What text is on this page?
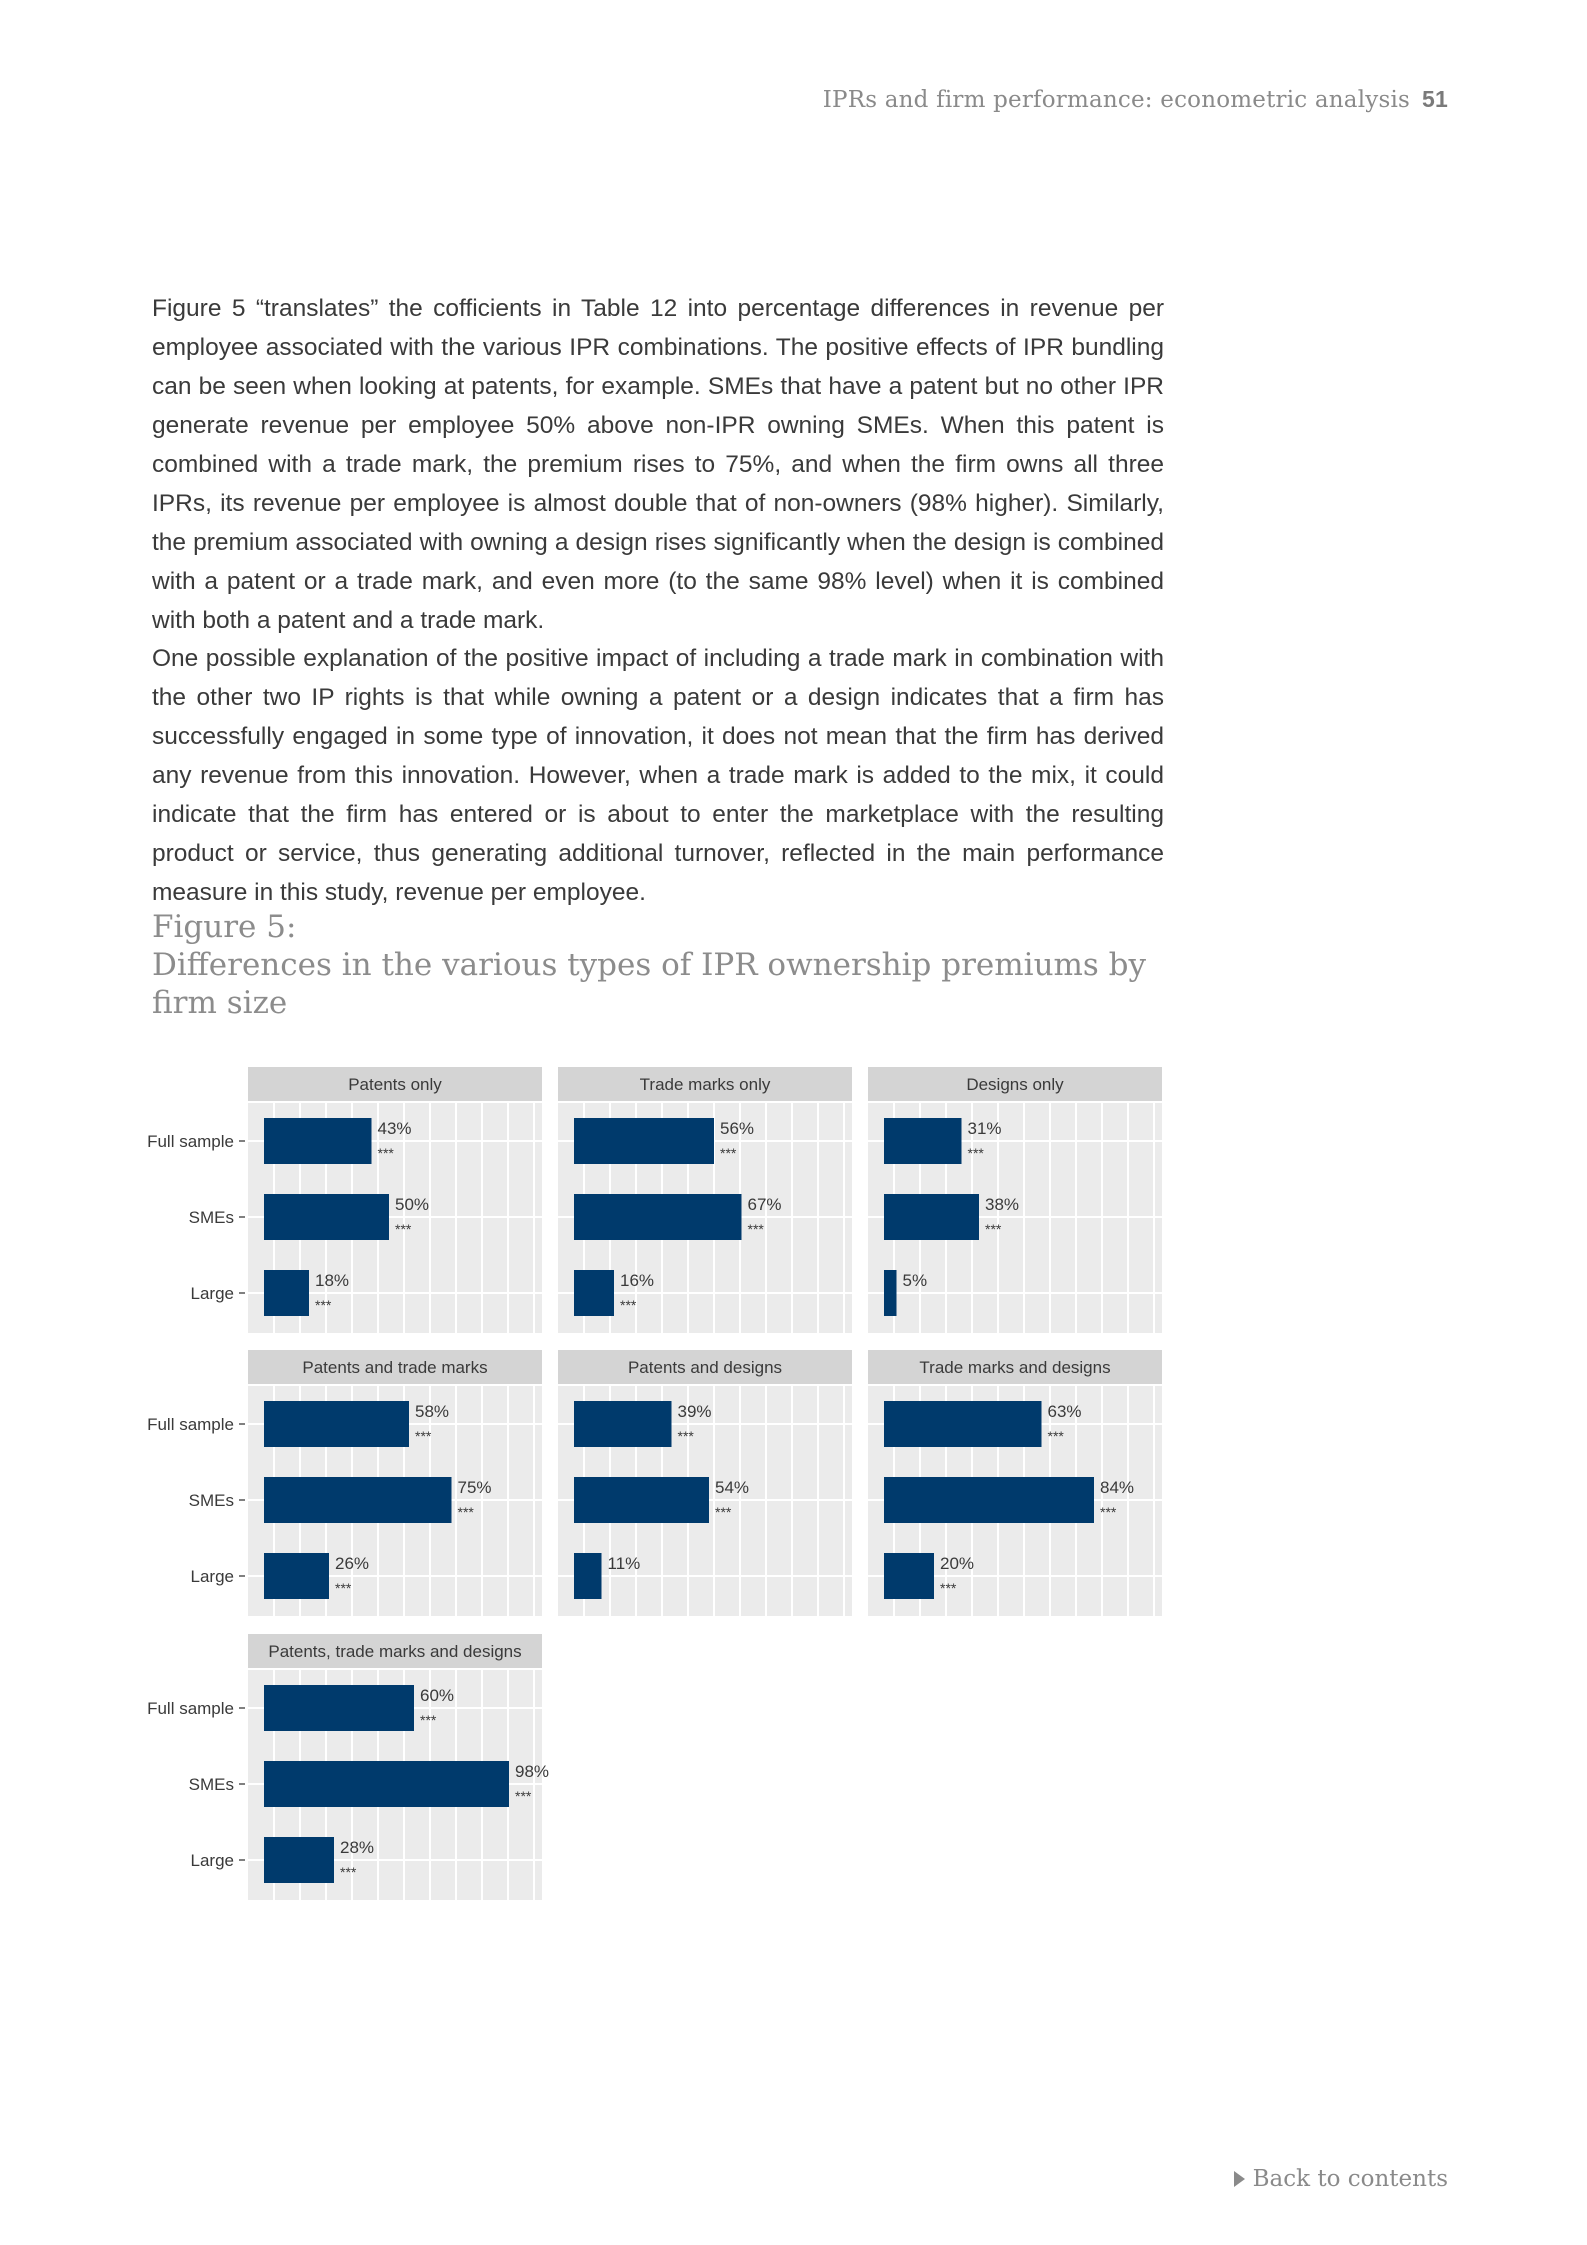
IPRs and firm performance: econometric analysis 51

Figure 5 “translates” the cofficients in Table 12 into percentage differences in revenue per employee associated with the various IPR combinations. The positive effects of IPR bundling can be seen when looking at patents, for example. SMEs that have a patent but no other IPR generate revenue per employee 50% above non-IPR owning SMEs. When this patent is combined with a trade mark, the premium rises to 75%, and when the firm owns all three IPRs, its revenue per employee is almost double that of non-owners (98% higher). Similarly, the premium associated with owning a design rises significantly when the design is combined with a patent or a trade mark, and even more (to the same 98% level) when it is combined with both a patent and a trade mark.

One possible explanation of the positive impact of including a trade mark in combination with the other two IP rights is that while owning a patent or a design indicates that a firm has successfully engaged in some type of innovation, it does not mean that the firm has derived any revenue from this innovation. However, when a trade mark is added to the mix, it could indicate that the firm has entered or is about to enter the marketplace with the resulting product or service, thus generating additional turnover, reflected in the main performance measure in this study, revenue per employee.

Figure 5:
Differences in the various types of IPR ownership premiums by firm size
Patents only
43%
***
50%
***
18%
***
Full sample
SMEs
Large
Trade marks only
56%
***
67%
***
16%
***
Designs only
31%
***
38%
***
5%
Patents and trade marks
58%
***
75%
***
26%
***
Full sample
SMEs
Large
Patents and designs
39%
***
54%
***
11%
Trade marks and designs
63%
***
84%
***
20%
***
Patents, trade marks and designs
60%
***
98%
***
28%
***
Full sample
SMEs
Large
Back to contents
